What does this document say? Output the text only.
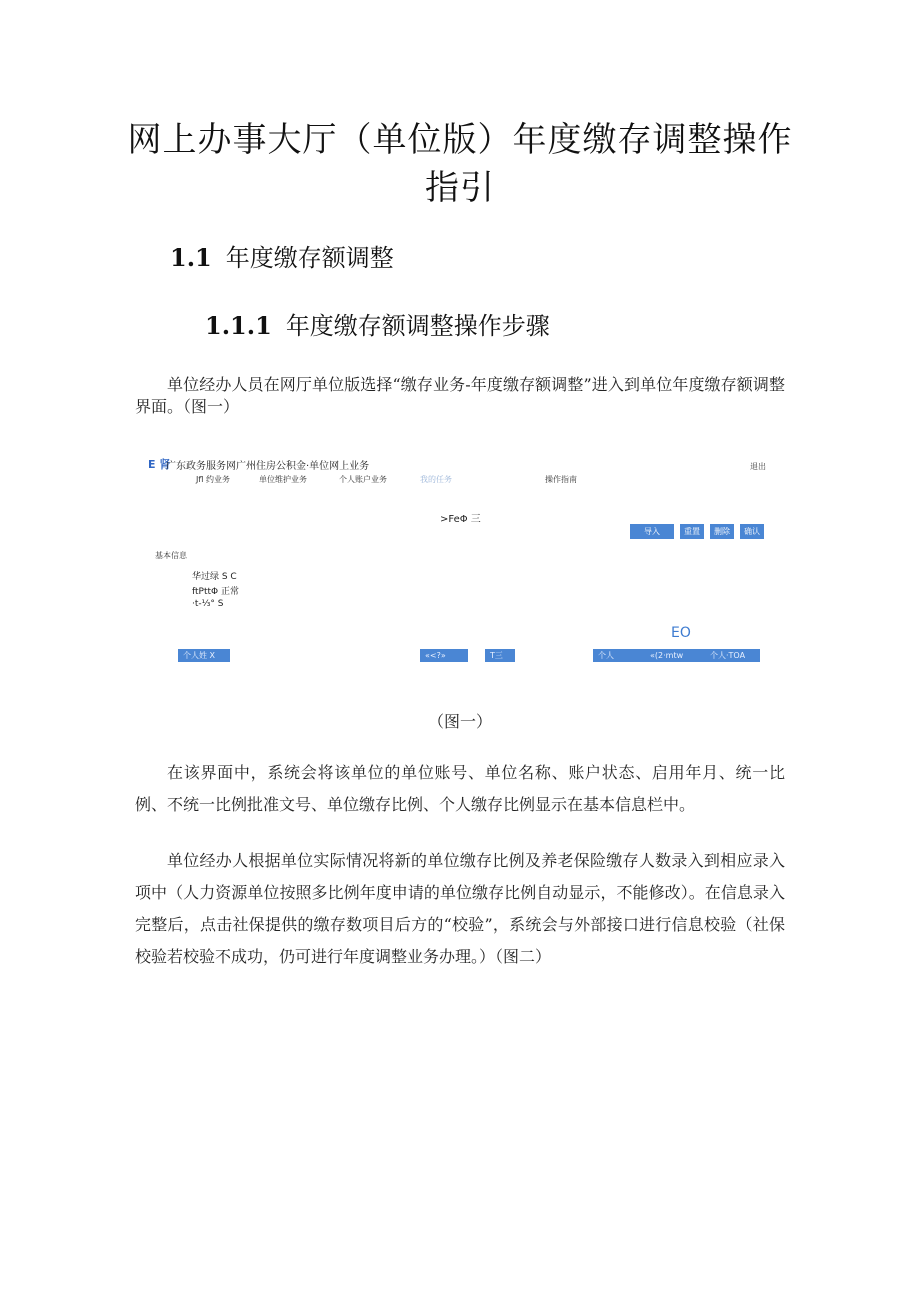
网上办事大厅（单位版）年度缴存调整操作
指引
1.1 年度缴存额调整
1.1.1 年度缴存额调整操作步骤
单位经办人员在网厅单位版选择“缴存业务-年度缴存额调整”进入到单位年度缴存额调整界面。（图一）
E 肾
广东政务服务网广州住房公积金·单位网上业务	退出
Jfl 约业务	单位维护业务	个人账户业务	我的任务	操作指南
>FeΦ 三
导入	重置	删除	确认
基本信息
华过绿 S C
ftPttΦ 正常
·t-⅓° S
EO
个人姓 X	«<?»	T三	个人	«(2·mtw	个人·TOA
（图一）
在该界面中，系统会将该单位的单位账号、单位名称、账户状态、启用年月、统一比例、不统一比例批准文号、单位缴存比例、个人缴存比例显示在基本信息栏中。
单位经办人根据单位实际情况将新的单位缴存比例及养老保险缴存人数录入到相应录入项中（人力资源单位按照多比例年度申请的单位缴存比例自动显示，不能修改）。在信息录入完整后，点击社保提供的缴存数项目后方的“校验”，系统会与外部接口进行信息校验（社保校验若校验不成功，仍可进行年度调整业务办理。）（图二）
